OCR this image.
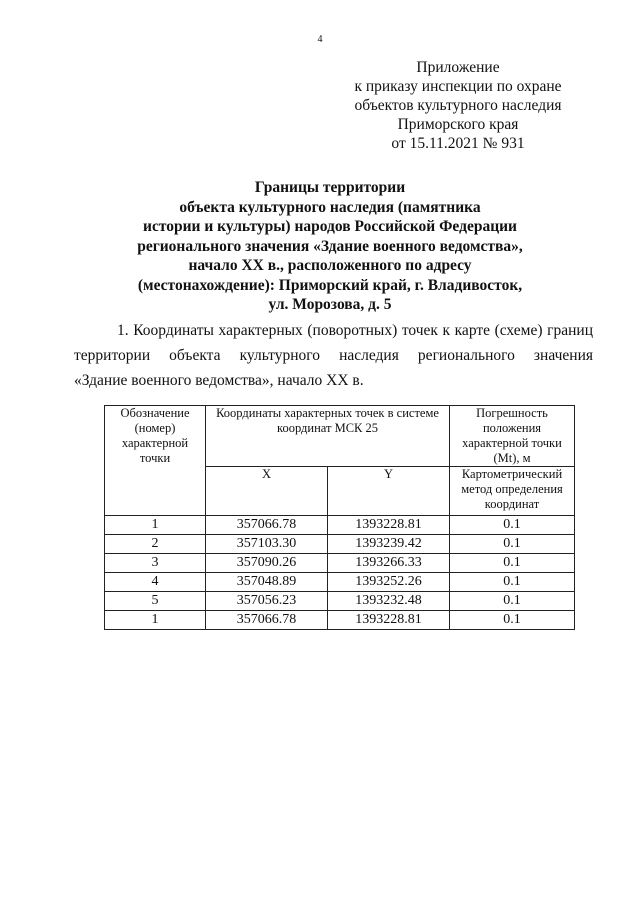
4
Приложение
к приказу инспекции по охране
объектов культурного наследия
Приморского края
от 15.11.2021 № 931
Границы территории
объекта культурного наследия (памятника
истории и культуры) народов Российской Федерации
регионального значения «Здание военного ведомства»,
начало XX в., расположенного по адресу
(местонахождение): Приморский край, г. Владивосток,
ул. Морозова, д. 5
1. Координаты характерных (поворотных) точек к карте (схеме) границ
территории объекта культурного наследия регионального значения
«Здание военного ведомства», начало XX в.
Обозначение (номер) характерной точки	Координаты характерных точек в системе координат МСК 25		Погрешность положения характерной точки (Mt), м
	X	Y	Картометрический метод определения координат
1	357066.78	1393228.81	0.1
2	357103.30	1393239.42	0.1
3	357090.26	1393266.33	0.1
4	357048.89	1393252.26	0.1
5	357056.23	1393232.48	0.1
1	357066.78	1393228.81	0.1
